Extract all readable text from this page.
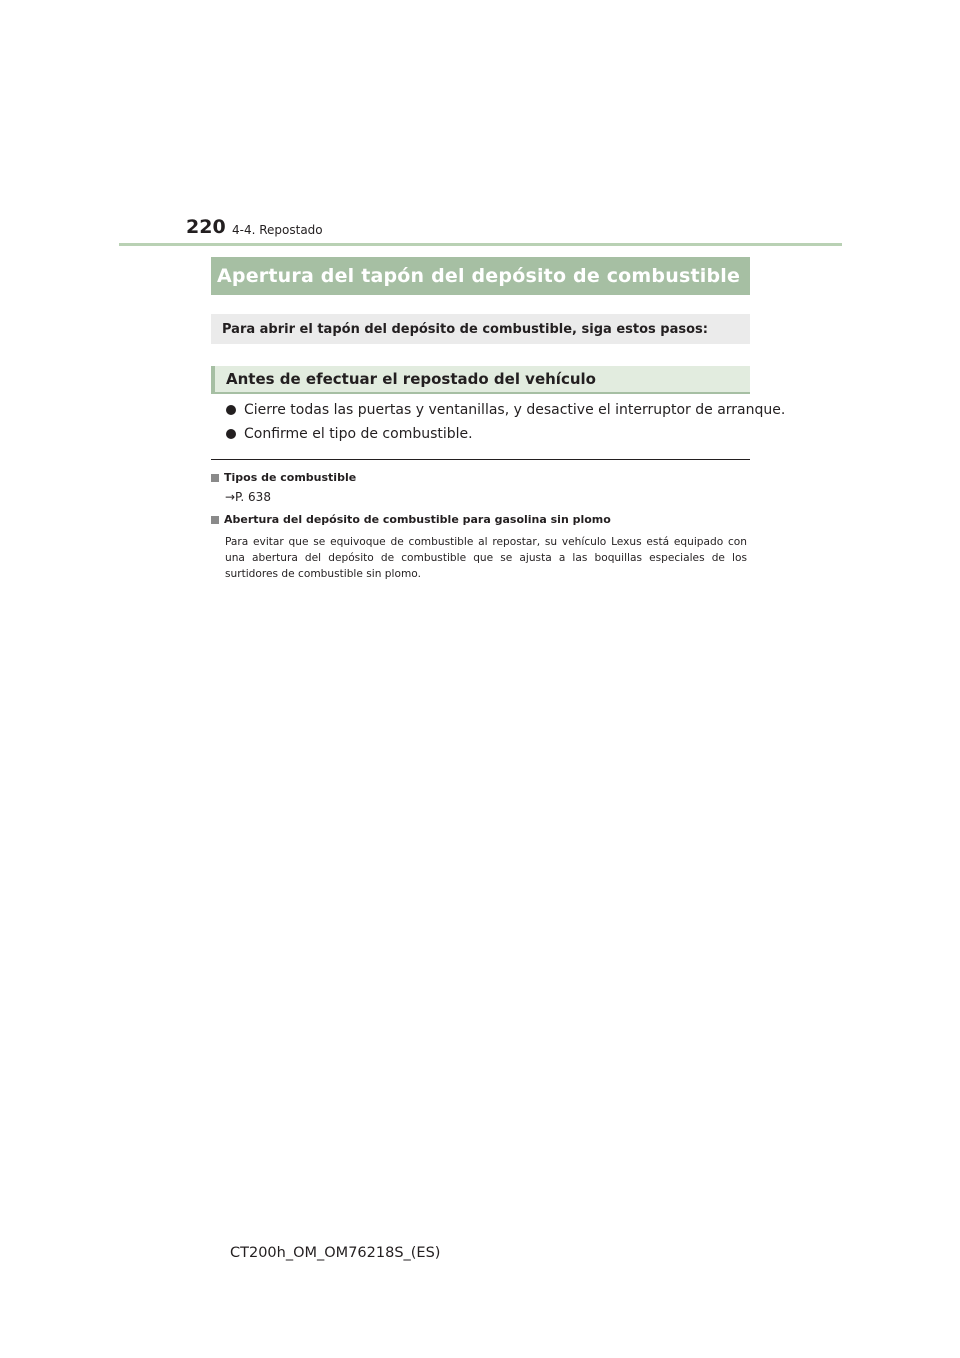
220 4-4. Repostado
Apertura del tapón del depósito de combustible
Para abrir el tapón del depósito de combustible, siga estos pasos:
Antes de efectuar el repostado del vehículo
Cierre todas las puertas y ventanillas, y desactive el interruptor de arranque.
Confirme el tipo de combustible.
Tipos de combustible
→P. 638
Abertura del depósito de combustible para gasolina sin plomo
Para evitar que se equivoque de combustible al repostar, su vehículo Lexus está equipado con una abertura del depósito de combustible que se ajusta a las boquillas especiales de los surtidores de combustible sin plomo.
CT200h_OM_OM76218S_(ES)
carmanualsonline.info
